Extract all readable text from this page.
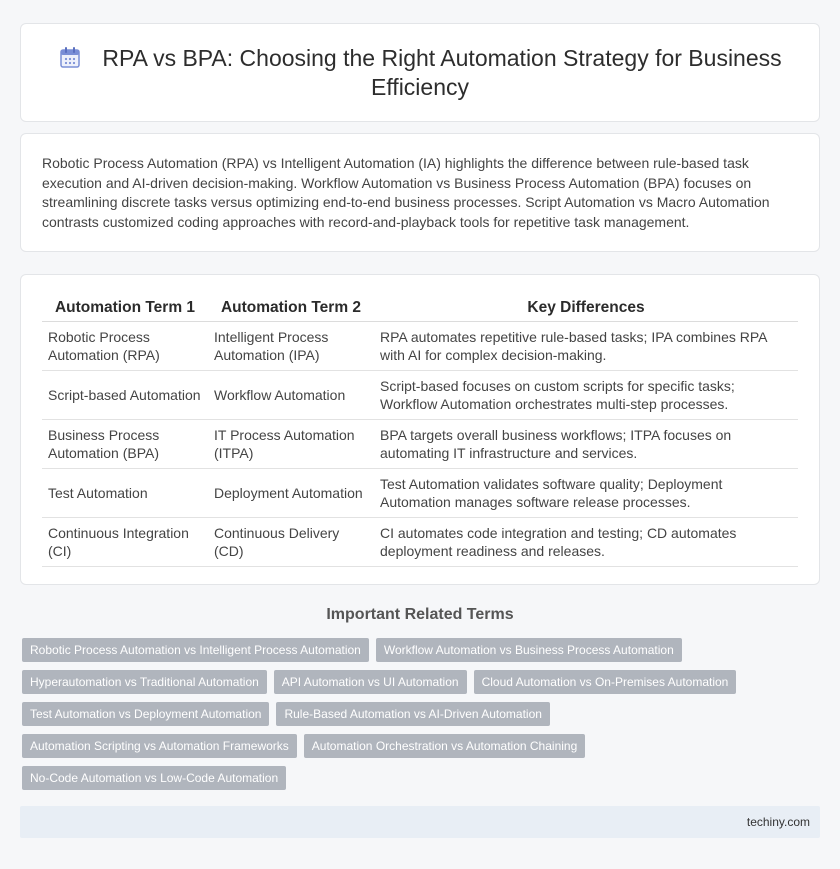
RPA vs BPA: Choosing the Right Automation Strategy for Business Efficiency

Robotic Process Automation (RPA) vs Intelligent Automation (IA) highlights the difference between rule-based task execution and AI-driven decision-making. Workflow Automation vs Business Process Automation (BPA) focuses on streamlining discrete tasks versus optimizing end-to-end business processes. Script Automation vs Macro Automation contrasts customized coding approaches with record-and-playback tools for repetitive task management.

Automation Term 1	Automation Term 2	Key Differences
Robotic Process Automation (RPA)	Intelligent Process Automation (IPA)	RPA automates repetitive rule-based tasks; IPA combines RPA with AI for complex decision-making.
Script-based Automation	Workflow Automation	Script-based focuses on custom scripts for specific tasks; Workflow Automation orchestrates multi-step processes.
Business Process Automation (BPA)	IT Process Automation (ITPA)	BPA targets overall business workflows; ITPA focuses on automating IT infrastructure and services.
Test Automation	Deployment Automation	Test Automation validates software quality; Deployment Automation manages software release processes.
Continuous Integration (CI)	Continuous Delivery (CD)	CI automates code integration and testing; CD automates deployment readiness and releases.
Important Related Terms
Robotic Process Automation vs Intelligent Process Automation	Workflow Automation vs Business Process Automation
Hyperautomation vs Traditional Automation	API Automation vs UI Automation	Cloud Automation vs On-Premises Automation
Test Automation vs Deployment Automation	Rule-Based Automation vs AI-Driven Automation
Automation Scripting vs Automation Frameworks	Automation Orchestration vs Automation Chaining
No-Code Automation vs Low-Code Automation
techiny.com
